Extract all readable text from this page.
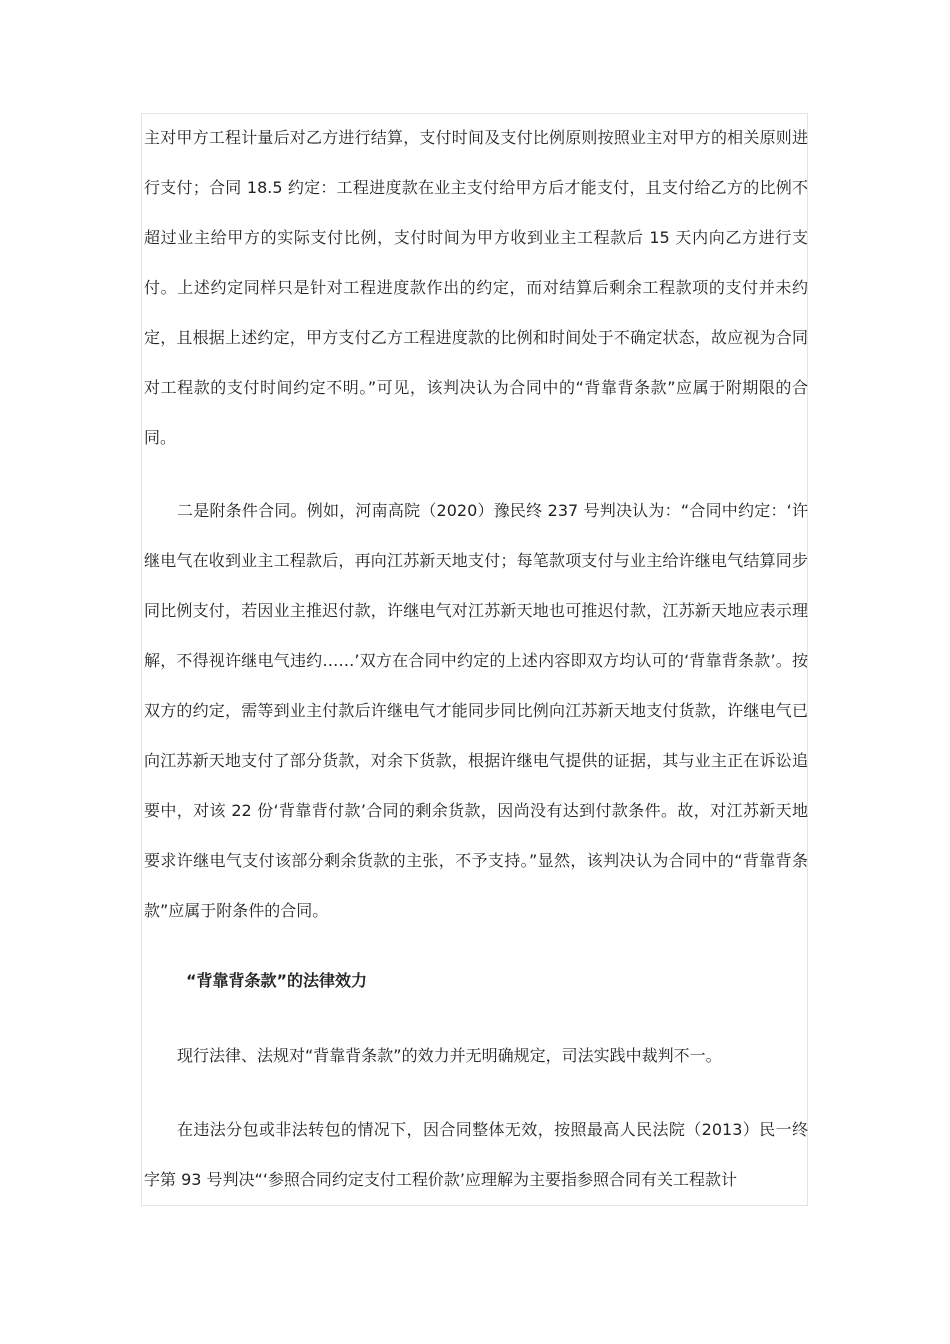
主对甲方工程计量后对乙方进行结算，支付时间及支付比例原则按照业主对甲方的相关原则进行支付；合同 18.5 约定：工程进度款在业主支付给甲方后才能支付，且支付给乙方的比例不超过业主给甲方的实际支付比例，支付时间为甲方收到业主工程款后 15 天内向乙方进行支付。上述约定同样只是针对工程进度款作出的约定，而对结算后剩余工程款项的支付并未约定，且根据上述约定，甲方支付乙方工程进度款的比例和时间处于不确定状态，故应视为合同对工程款的支付时间约定不明。”可见，该判决认为合同中的“背靠背条款”应属于附期限的合同。

二是附条件合同。例如，河南高院（2020）豫民终 237 号判决认为：“合同中约定：‘许继电气在收到业主工程款后，再向江苏新天地支付；每笔款项支付与业主给许继电气结算同步同比例支付，若因业主推迟付款，许继电气对江苏新天地也可推迟付款，江苏新天地应表示理解，不得视许继电气违约……’双方在合同中约定的上述内容即双方均认可的‘背靠背条款’。按双方的约定，需等到业主付款后许继电气才能同步同比例向江苏新天地支付货款，许继电气已向江苏新天地支付了部分货款，对余下货款，根据许继电气提供的证据，其与业主正在诉讼追要中，对该 22 份‘背靠背付款’合同的剩余货款，因尚没有达到付款条件。故，对江苏新天地要求许继电气支付该部分剩余货款的主张，不予支持。”显然，该判决认为合同中的“背靠背条款”应属于附条件的合同。

“背靠背条款”的法律效力

现行法律、法规对“背靠背条款”的效力并无明确规定，司法实践中裁判不一。

在违法分包或非法转包的情况下，因合同整体无效，按照最高人民法院（2013）民一终字第 93 号判决“‘参照合同约定支付工程价款’应理解为主要指参照合同有关工程款计
